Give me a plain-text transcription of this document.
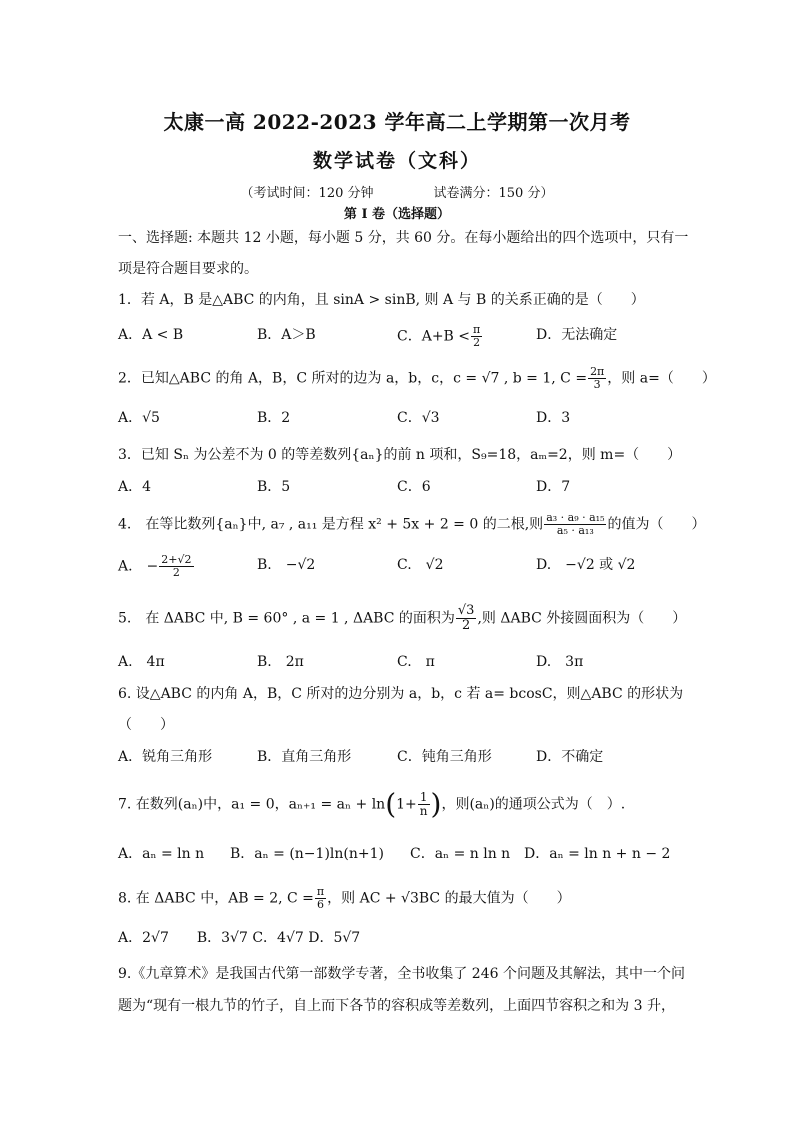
太康一高 2022-2023 学年高二上学期第一次月考
数学试卷（文科）
（考试时间：120 分钟	试卷满分：150 分）
第 I 卷（选择题）
一、选择题: 本题共 12 小题，每小题 5 分，共 60 分。在每小题给出的四个选项中，只有一
项是符合题目要求的。
1．若 A，B 是△ABC 的内角，且 sinA > sinB, 则 A 与 B 的关系正确的是（　　）
A．A < B	B．A＞B	C．$A+B < \frac{\pi}{2}$	D．无法确定
2．已知△ABC 的角 A，B，C 所对的边为 a，b，c，c = √7 , b = 1, $C = \frac{2\pi}{3}$ ，则 a=（　　）
A．√5	B．2	C．√3	D．3
3．已知 Sₙ 为公差不为 0 的等差数列{aₙ}的前 n 项和，S₉=18，aₘ=2，则 m=（　　）
A．4	B．5	C．6	D．7
4.　在等比数列{aₙ}中, a₇ , a₁₁ 是方程 x² + 5x + 2 = 0 的二根,则 $\frac{\text{a₃ · a₉ · a₁₅}}{\text{a₅ · a₁₃}}$ 的值为（　　）
A.　− $\frac{2+√2}{2}$	B.　−√2	C.　√2	D.　−√2 或 √2
5.　在 ΔABC 中, B = 60° , a = 1 , ΔABC 的面积为 $\frac{√3}{2}$ ,则 ΔABC 外接圆面积为（　　）
A.　4π	B.　2π	C.　π	D.　3π
6. 设△ABC 的内角 A，B，C 所对的边分别为 a，b，c 若 a= bcosC，则△ABC 的形状为
（　　）
A．锐角三角形	B．直角三角形	C．钝角三角形	D．不确定
7. 在数列(aₙ)中，a₁ = 0，$a_{n+1} = a_n + \ln(1+ \frac{1}{n}$ )，则(aₙ)的通项公式为（　）.
A．aₙ = ln n B．aₙ = (n−1)ln(n+1) C．aₙ = n ln n D．aₙ = ln n + n − 2
8. 在 ΔABC 中，AB = 2, $C = \frac{\pi}{6}$ ，则 AC + √3BC 的最大值为（　　）
A．2√7　　B．3√7 C．4√7 D．5√7
9.《九章算术》是我国古代第一部数学专著，全书收集了 246 个问题及其解法，其中一个问
题为“现有一根九节的竹子，自上而下各节的容积成等差数列，上面四节容积之和为 3 升，
